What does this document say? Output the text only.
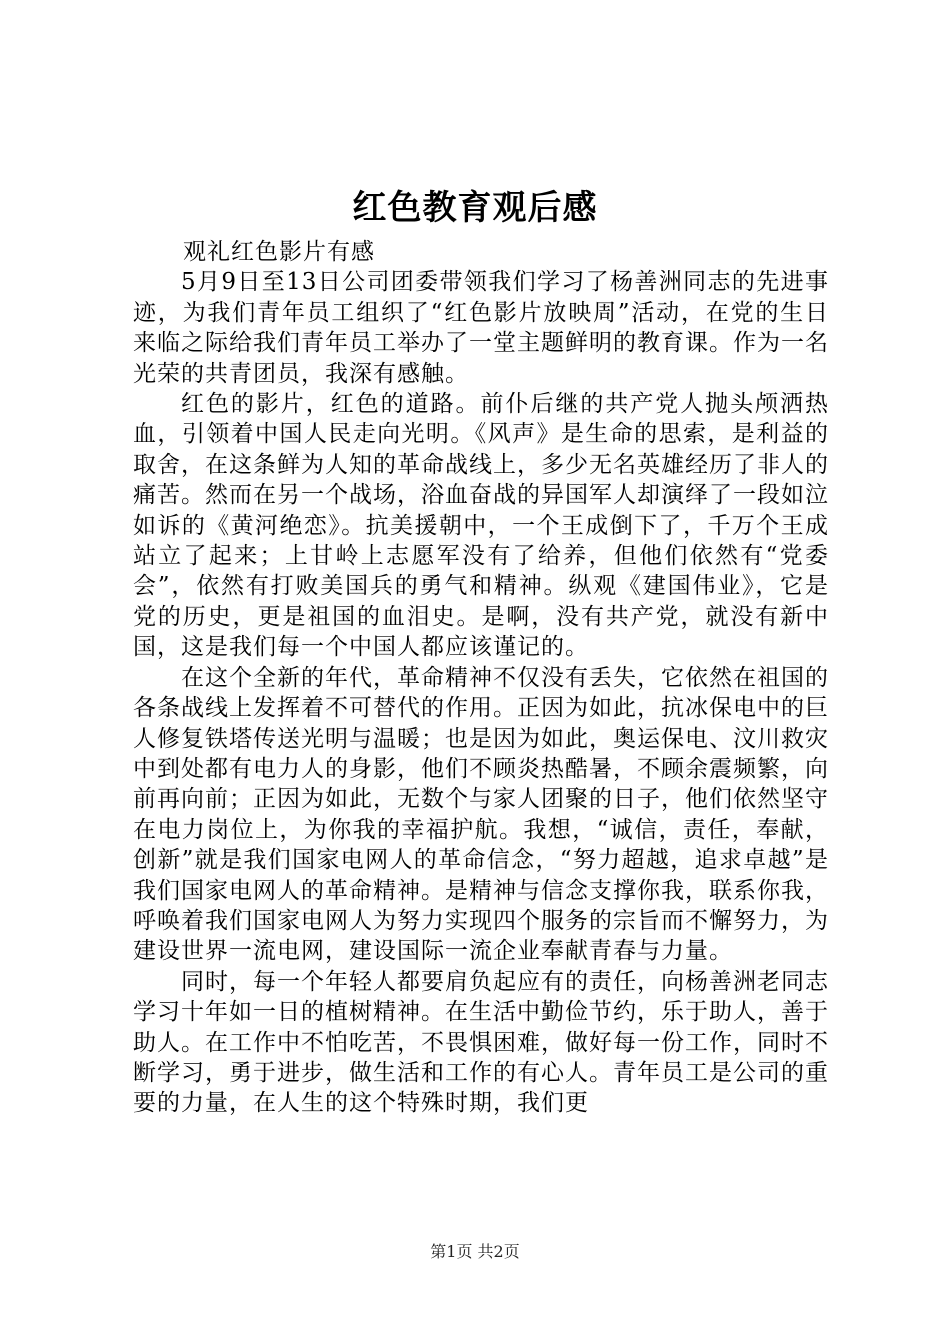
红色教育观后感

观礼红色影片有感

5月9日至13日公司团委带领我们学习了杨善洲同志的先进事迹，为我们青年员工组织了“红色影片放映周”活动，在党的生日来临之际给我们青年员工举办了一堂主题鲜明的教育课。作为一名光荣的共青团员，我深有感触。

红色的影片，红色的道路。前仆后继的共产党人抛头颅洒热血，引领着中国人民走向光明。《风声》是生命的思索，是利益的取舍，在这条鲜为人知的革命战线上，多少无名英雄经历了非人的痛苦。然而在另一个战场，浴血奋战的异国军人却演绎了一段如泣如诉的《黄河绝恋》。抗美援朝中，一个王成倒下了，千万个王成站立了起来；上甘岭上志愿军没有了给养，但他们依然有“党委会”，依然有打败美国兵的勇气和精神。纵观《建国伟业》，它是党的历史，更是祖国的血泪史。是啊，没有共产党，就没有新中国，这是我们每一个中国人都应该谨记的。

在这个全新的年代，革命精神不仅没有丢失，它依然在祖国的各条战线上发挥着不可替代的作用。正因为如此，抗冰保电中的巨人修复铁塔传送光明与温暖；也是因为如此，奥运保电、汶川救灾中到处都有电力人的身影，他们不顾炎热酷暑，不顾余震频繁，向前再向前；正因为如此，无数个与家人团聚的日子，他们依然坚守在电力岗位上，为你我的幸福护航。我想，“诚信，责任，奉献，创新”就是我们国家电网人的革命信念，“努力超越，追求卓越”是我们国家电网人的革命精神。是精神与信念支撑你我，联系你我，呼唤着我们国家电网人为努力实现四个服务的宗旨而不懈努力，为建设世界一流电网，建设国际一流企业奉献青春与力量。

同时，每一个年轻人都要肩负起应有的责任，向杨善洲老同志学习十年如一日的植树精神。在生活中勤俭节约，乐于助人，善于助人。在工作中不怕吃苦，不畏惧困难，做好每一份工作，同时不断学习，勇于进步，做生活和工作的有心人。青年员工是公司的重要的力量，在人生的这个特殊时期，我们更

第1页 共2页
